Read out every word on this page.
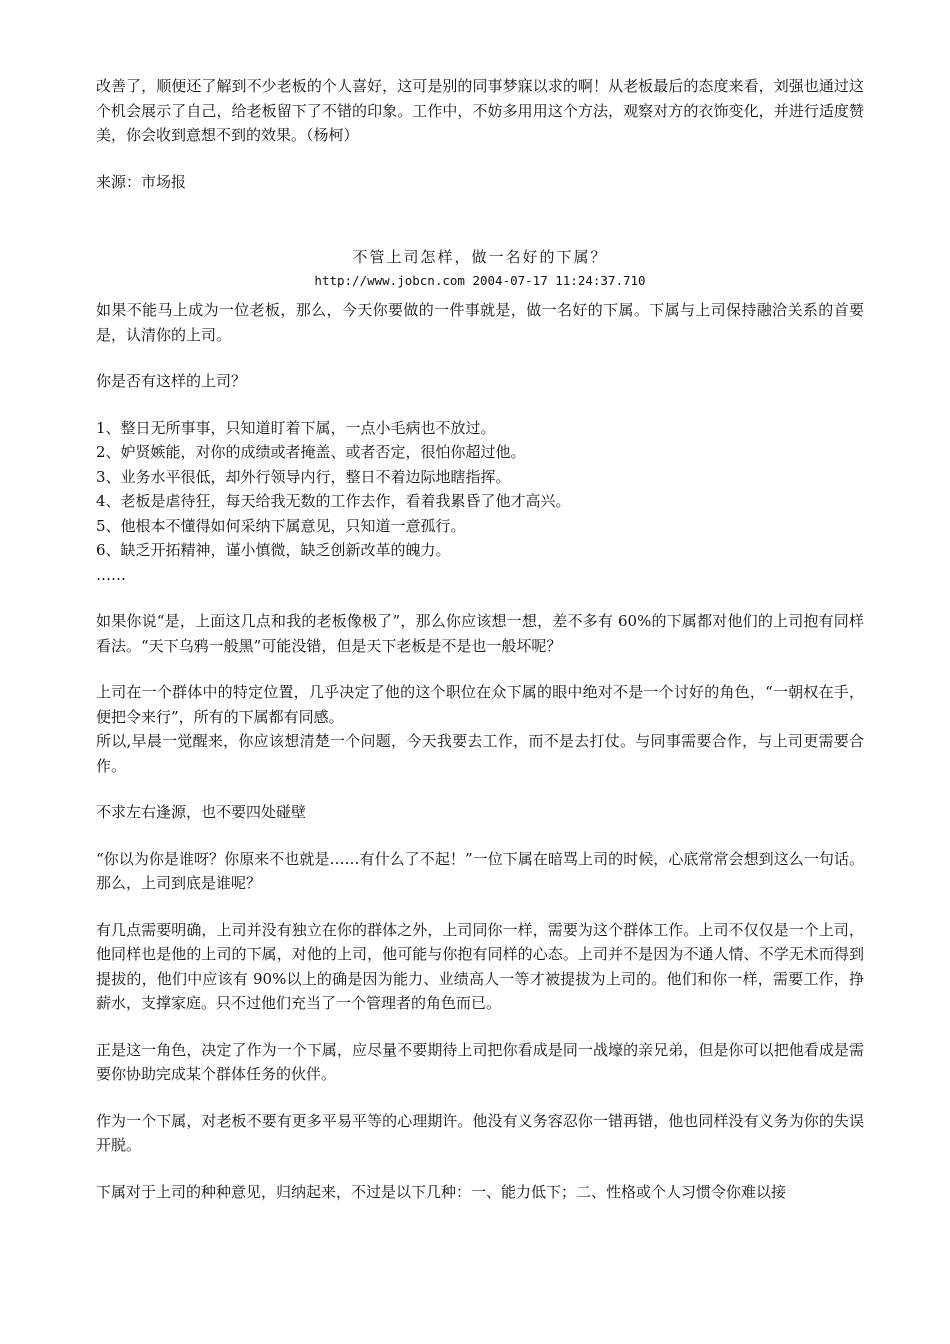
改善了，顺便还了解到不少老板的个人喜好，这可是别的同事梦寐以求的啊！从老板最后的态度来看，刘强也通过这个机会展示了自己，给老板留下了不错的印象。工作中，不妨多用用这个方法，观察对方的衣饰变化，并进行适度赞美，你会收到意想不到的效果。（杨柯）

来源：市场报

不管上司怎样，做一名好的下属？

http://www.jobcn.com 2004-07-17 11:24:37.710

如果不能马上成为一位老板，那么，今天你要做的一件事就是，做一名好的下属。下属与上司保持融洽关系的首要是，认清你的上司。

你是否有这样的上司？

1、整日无所事事，只知道盯着下属，一点小毛病也不放过。

2、妒贤嫉能，对你的成绩或者掩盖、或者否定，很怕你超过他。

3、业务水平很低，却外行领导内行，整日不着边际地瞎指挥。

4、老板是虐待狂，每天给我无数的工作去作，看着我累昏了他才高兴。

5、他根本不懂得如何采纳下属意见，只知道一意孤行。

6、缺乏开拓精神，谨小慎微，缺乏创新改革的魄力。

……

如果你说“是，上面这几点和我的老板像极了”，那么你应该想一想，差不多有 60%的下属都对他们的上司抱有同样看法。“天下乌鸦一般黑”可能没错，但是天下老板是不是也一般坏呢？

上司在一个群体中的特定位置，几乎决定了他的这个职位在众下属的眼中绝对不是一个讨好的角色，“一朝权在手，便把令来行”，所有的下属都有同感。

所以,早晨一觉醒来，你应该想清楚一个问题，今天我要去工作，而不是去打仗。与同事需要合作，与上司更需要合作。

不求左右逢源，也不要四处碰壁

“你以为你是谁呀？你原来不也就是……有什么了不起！”一位下属在暗骂上司的时候，心底常常会想到这么一句话。那么，上司到底是谁呢？

有几点需要明确，上司并没有独立在你的群体之外，上司同你一样，需要为这个群体工作。上司不仅仅是一个上司，他同样也是他的上司的下属，对他的上司，他可能与你抱有同样的心态。上司并不是因为不通人情、不学无术而得到提拔的，他们中应该有 90%以上的确是因为能力、业绩高人一等才被提拔为上司的。他们和你一样，需要工作，挣薪水，支撑家庭。只不过他们充当了一个管理者的角色而已。

正是这一角色，决定了作为一个下属，应尽量不要期待上司把你看成是同一战壕的亲兄弟，但是你可以把他看成是需要你协助完成某个群体任务的伙伴。

作为一个下属，对老板不要有更多平易平等的心理期许。他没有义务容忍你一错再错，他也同样没有义务为你的失误开脱。

下属对于上司的种种意见，归纳起来，不过是以下几种：一、能力低下；二、性格或个人习惯令你难以接
